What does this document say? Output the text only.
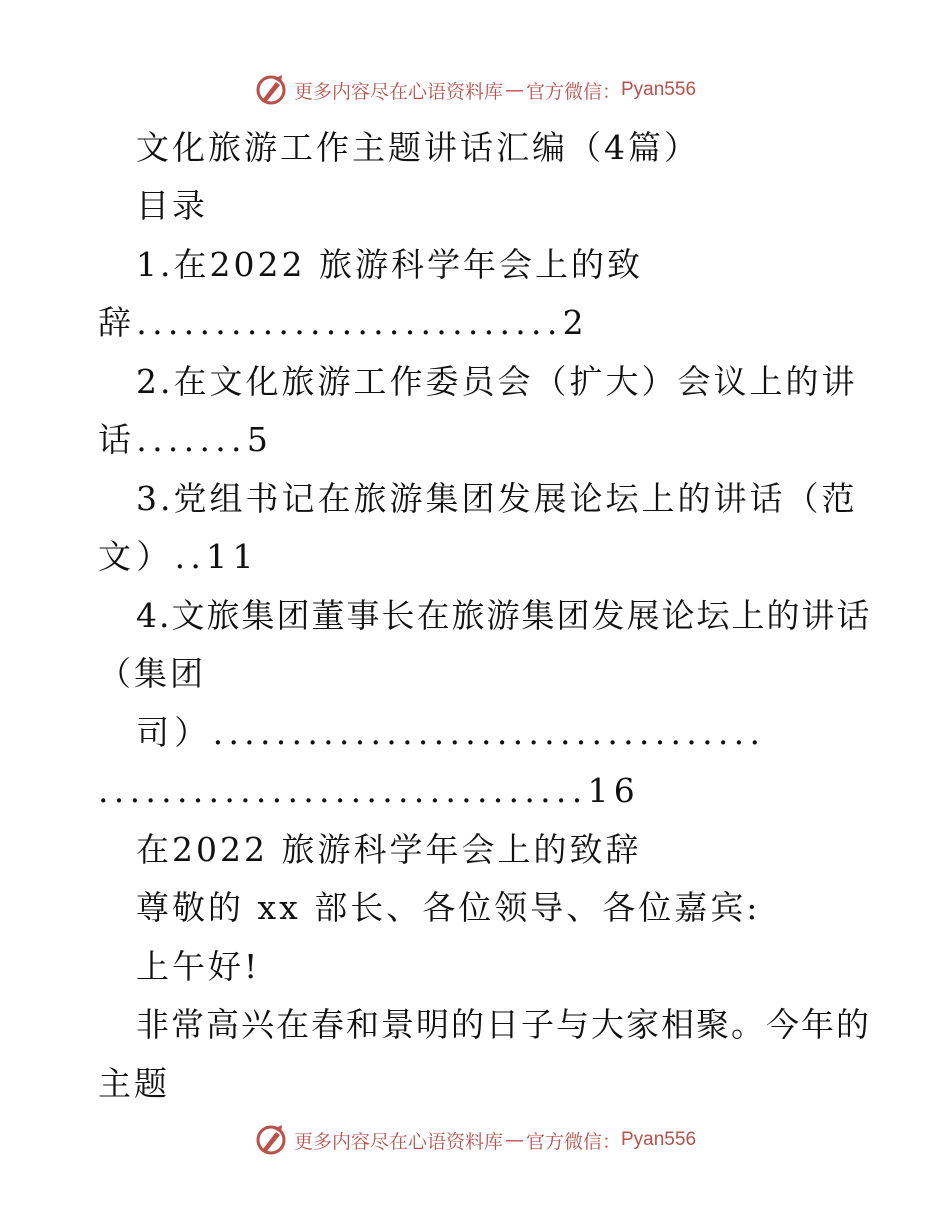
更多内容尽在心语资料库 — 官方微信： Pyan556
文化旅游工作主题讲话汇编（4篇）
目录
1.在2022 旅游科学年会上的致
辞...........................2
2.在文化旅游工作委员会（扩大）会议上的讲
话.......5
3.党组书记在旅游集团发展论坛上的讲话（范
文）..11
4.文旅集团董事长在旅游集团发展论坛上的讲话
（集团
司）...................................
...............................16
在2022 旅游科学年会上的致辞
尊敬的 xx 部长、各位领导、各位嘉宾:
上午好!
非常高兴在春和景明的日子与大家相聚。今年的
主题
更多内容尽在心语资料库 — 官方微信： Pyan556
